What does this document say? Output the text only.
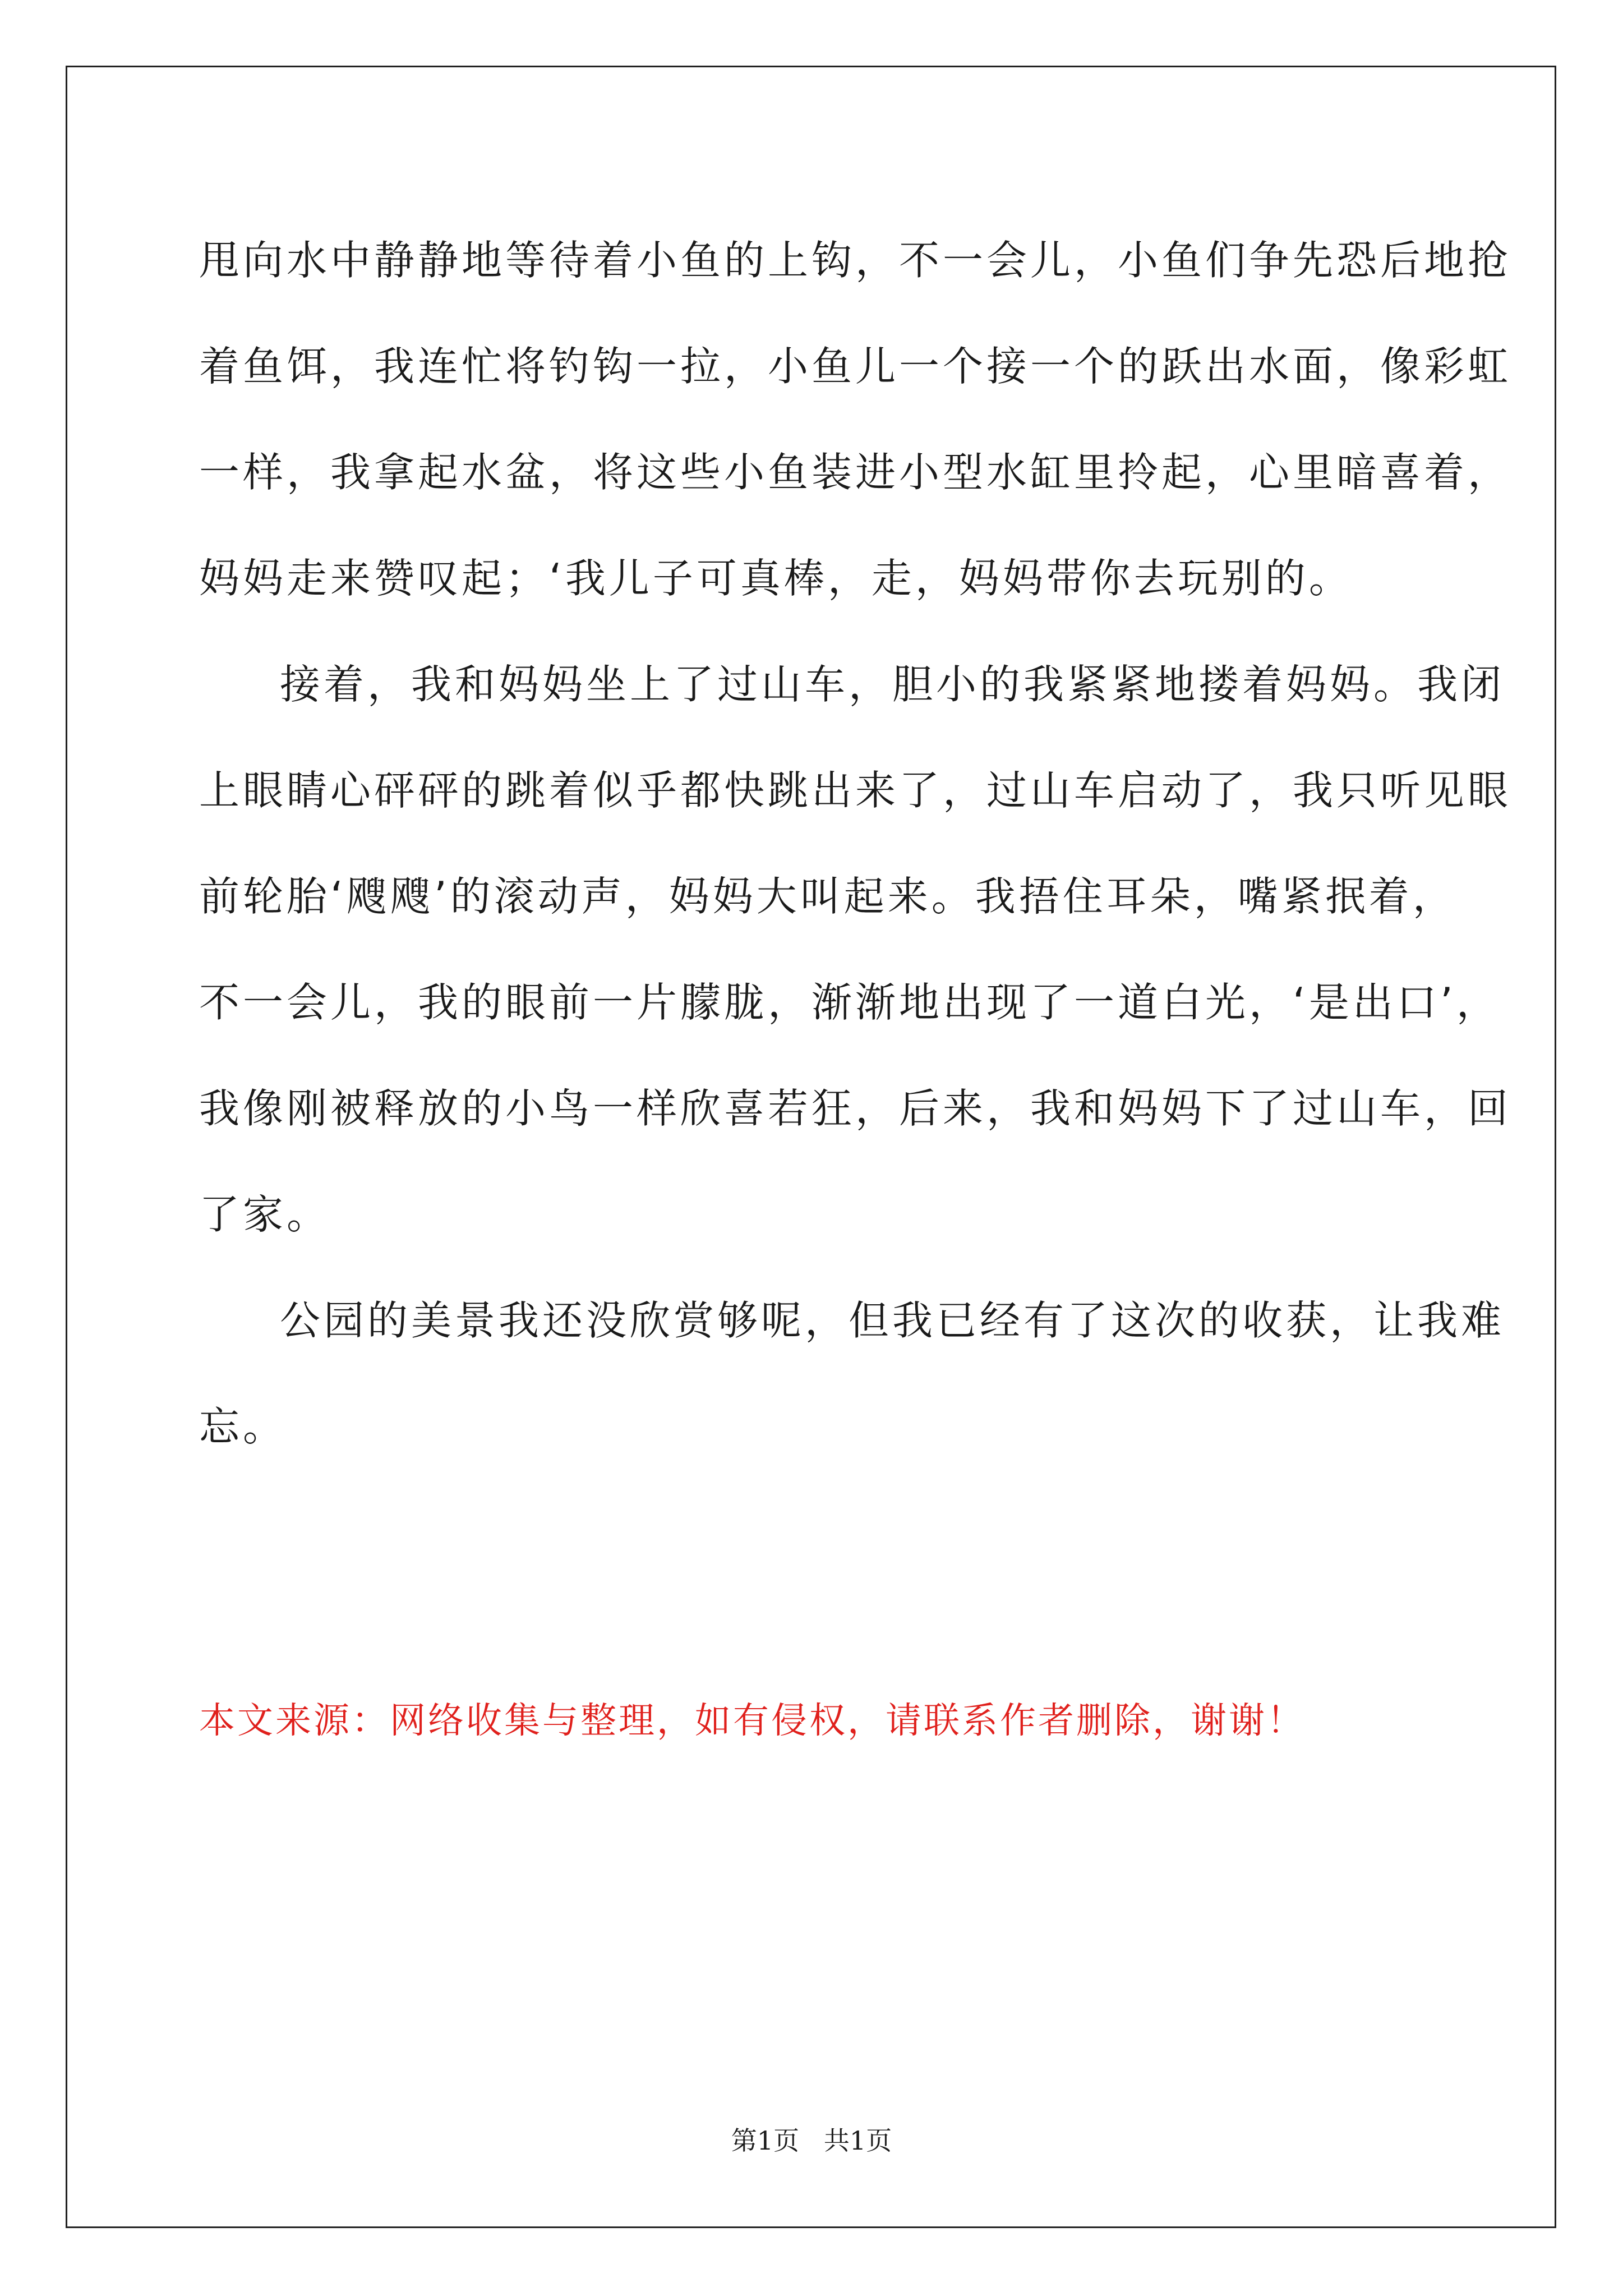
甩向水中静静地等待着小鱼的上钩，不一会儿，小鱼们争先恐后地抢
着鱼饵，我连忙将钓钩一拉，小鱼儿一个接一个的跃出水面，像彩虹
一样，我拿起水盆，将这些小鱼装进小型水缸里拎起，心里暗喜着，
妈妈走来赞叹起；‘我儿子可真棒，走，妈妈带你去玩别的。

接着，我和妈妈坐上了过山车，胆小的我紧紧地搂着妈妈。我闭
上眼睛心砰砰的跳着似乎都快跳出来了，过山车启动了，我只听见眼
前轮胎‘飕飕’的滚动声，妈妈大叫起来。我捂住耳朵，嘴紧抿着，
不一会儿，我的眼前一片朦胧，渐渐地出现了一道白光，‘是出口’，
我像刚被释放的小鸟一样欣喜若狂，后来，我和妈妈下了过山车，回
了家。

公园的美景我还没欣赏够呢，但我已经有了这次的收获，让我难
忘。

本文来源：网络收集与整理，如有侵权，请联系作者删除，谢谢！
第1页   共1页
